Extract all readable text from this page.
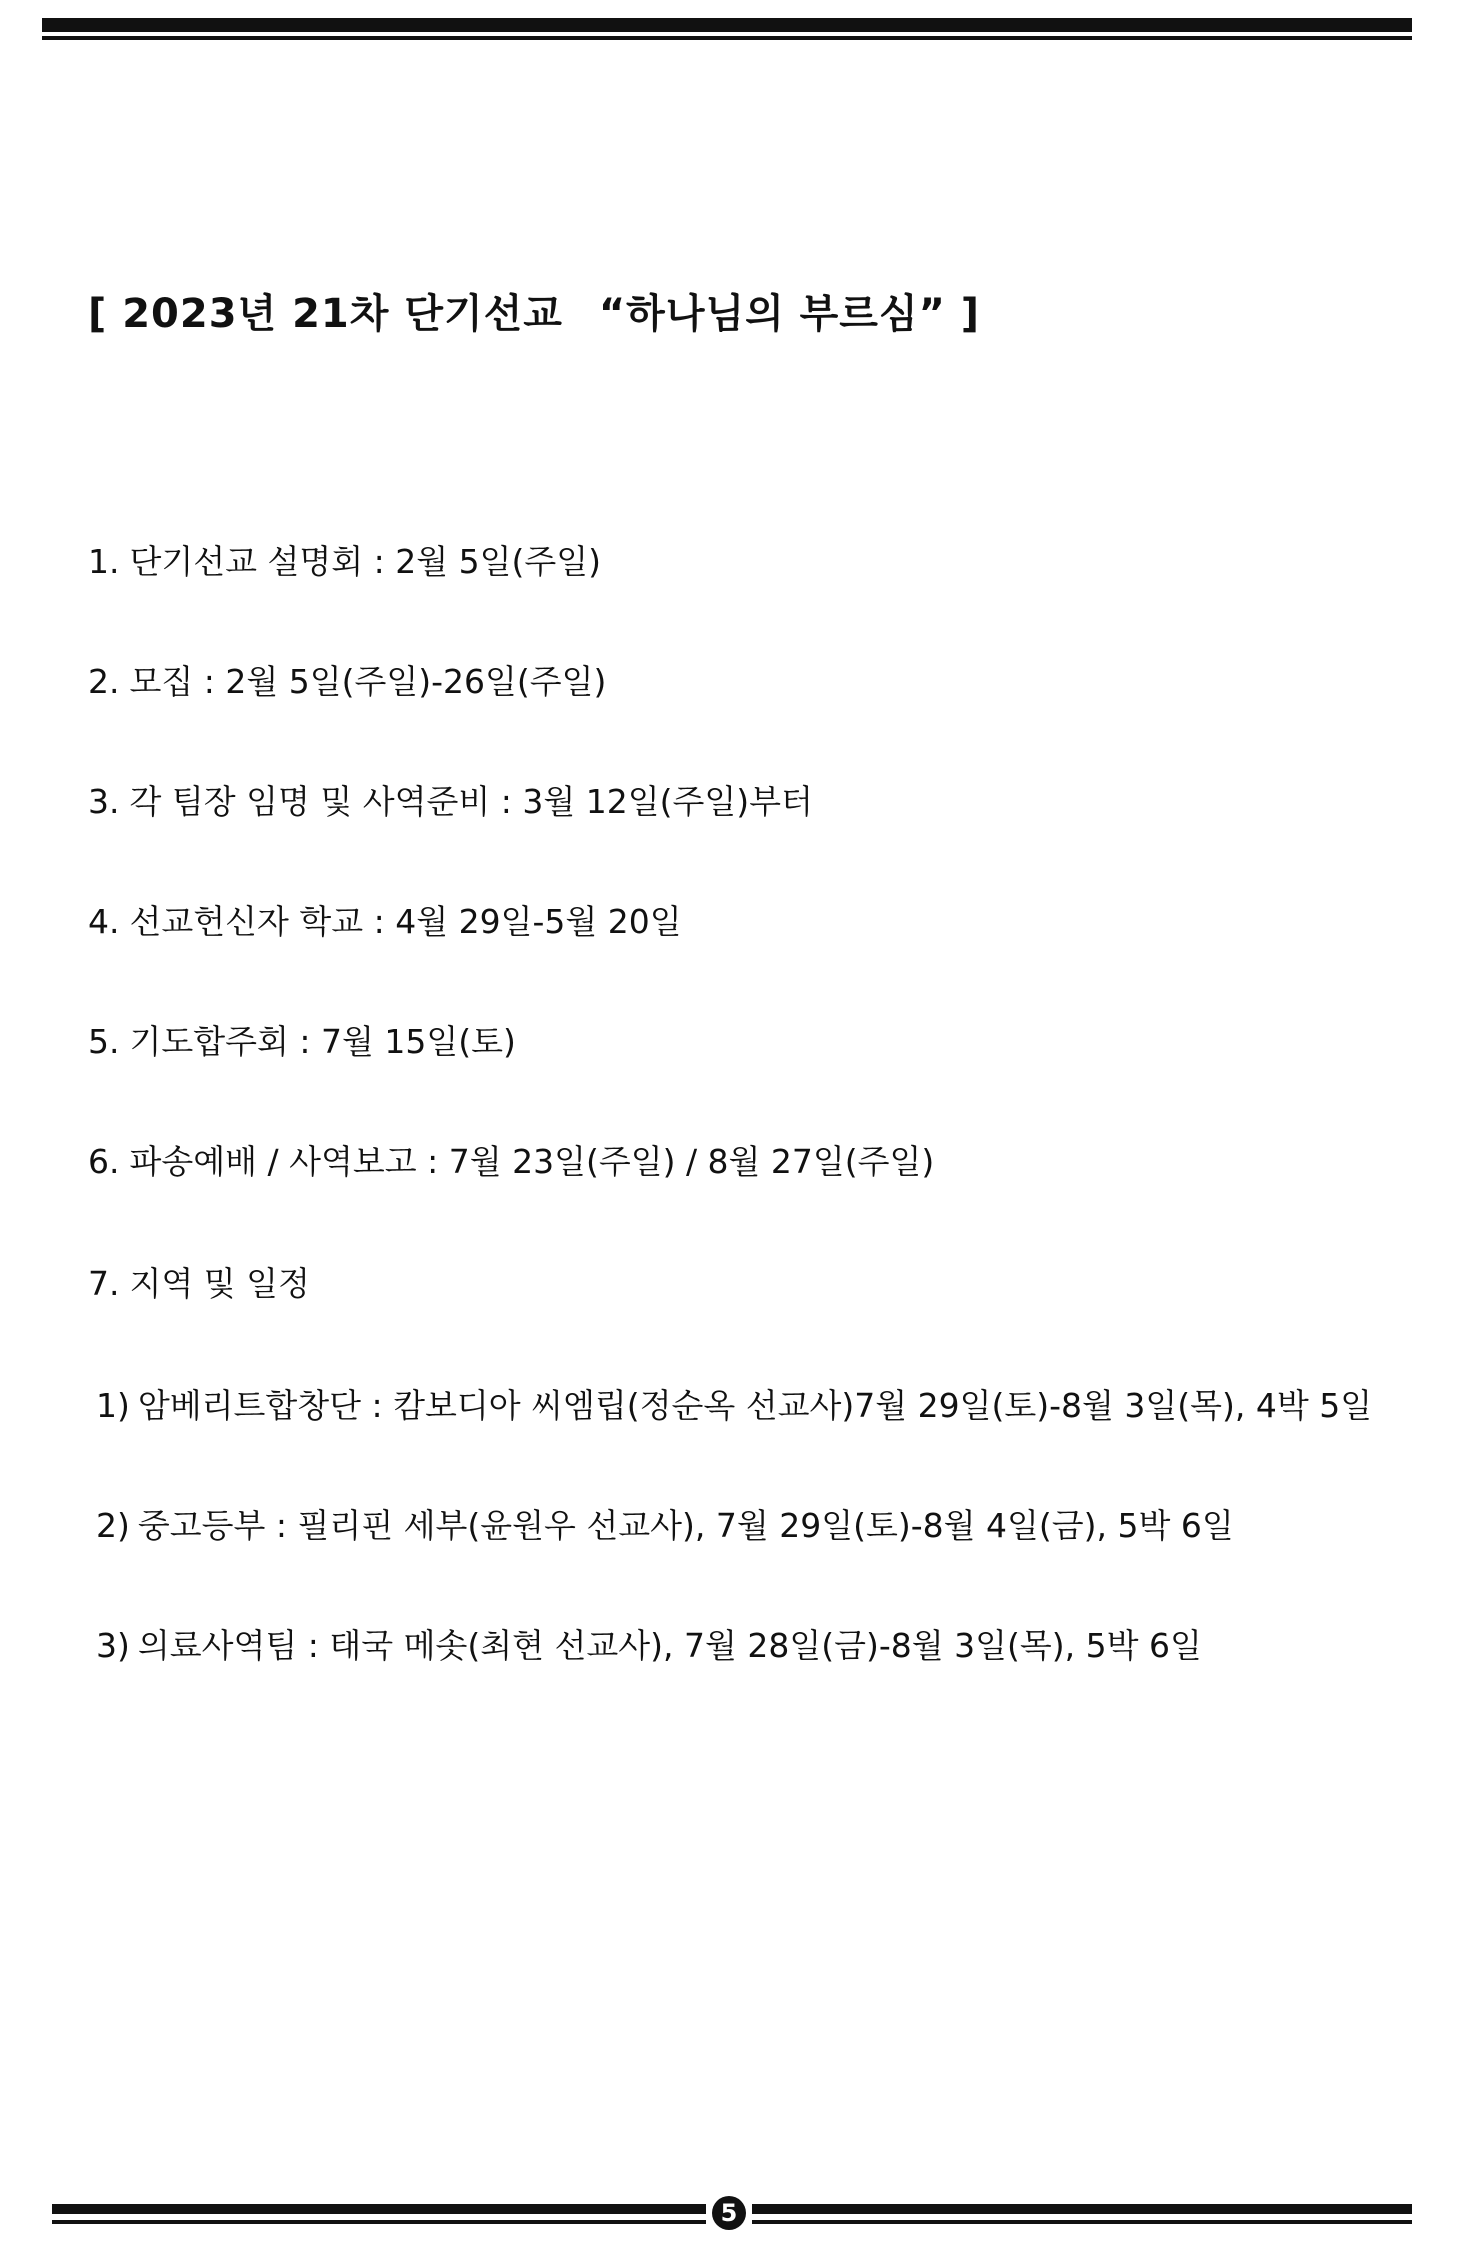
[ 2023년 21차 단기선교 “하나님의 부르심” ]
1. 단기선교 설명회 : 2월 5일(주일)
2. 모집 : 2월 5일(주일)-26일(주일)
3. 각 팀장 임명 및 사역준비 : 3월 12일(주일)부터
4. 선교헌신자 학교 : 4월 29일-5월 20일
5. 기도합주회 : 7월 15일(토)
6. 파송예배 / 사역보고 : 7월 23일(주일) / 8월 27일(주일)
7. 지역 및 일정
1) 암베리트합창단 : 캄보디아 씨엠립(정순옥 선교사)7월 29일(토)-8월 3일(목), 4박 5일
2) 중고등부 : 필리핀 세부(윤원우 선교사), 7월 29일(토)-8월 4일(금), 5박 6일
3) 의료사역팀 : 태국 메솟(최현 선교사), 7월 28일(금)-8월 3일(목), 5박 6일
5
